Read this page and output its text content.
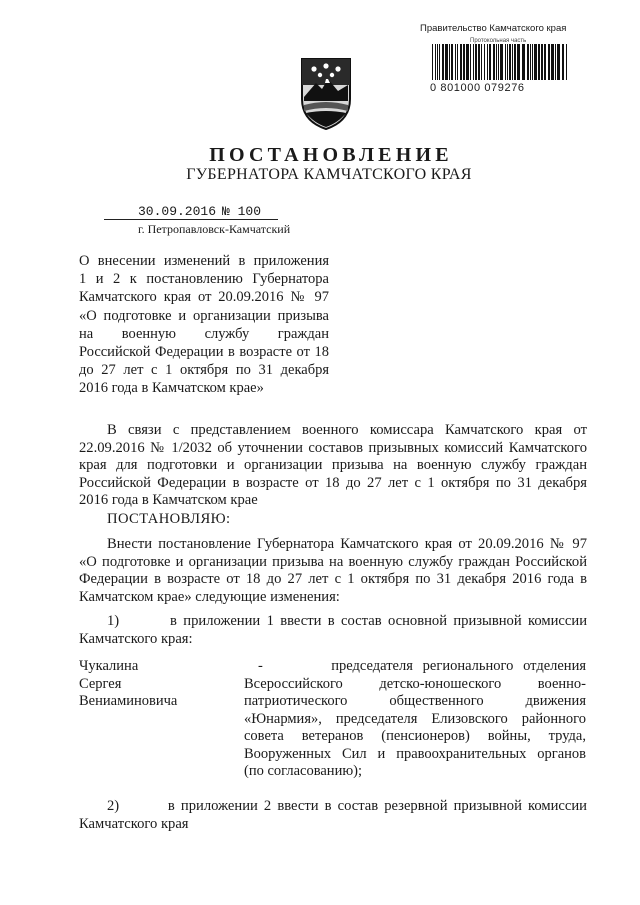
Правительство Камчатского края
Протокольная часть
0 801000 079276
ПОСТАНОВЛЕНИЕ
ГУБЕРНАТОРА КАМЧАТСКОГО КРАЯ
30.09.2016 № 100
г. Петропавловск-Камчатский
О внесении изменений в приложения
1 и 2 к постановлению Губернатора
Камчатского края от 20.09.2016 № 97
«О подготовке и организации призыва
на военную службу граждан
Российской Федерации в возрасте от 18
до 27 лет с 1 октября по 31 декабря
2016 года в Камчатском крае»
В связи с представлением военного комиссара Камчатского края от
22.09.2016 № 1/2032 об уточнении составов призывных комиссий Камчатского
края для подготовки и организации призыва на военную службу граждан
Российской Федерации в возрасте от 18 до 27 лет с 1 октября по 31 декабря
2016 года в Камчатском крае
ПОСТАНОВЛЯЮ:
Внести постановление Губернатора Камчатского края от 20.09.2016 № 97
«О подготовке и организации призыва на военную службу граждан Российской
Федерации в возрасте от 18 до 27 лет с 1 октября по 31 декабря 2016 года в
Камчатском крае» следующие изменения:
1)	в приложении 1 ввести в состав основной призывной комиссии
Камчатского края:
Чукалина
Сергея
Вениаминовича
-	председателя регионального отделения
Всероссийского детско-юношеского военно-
патриотического общественного движения
«Юнармия», председателя Елизовского районного
совета ветеранов (пенсионеров) войны, труда,
Вооруженных Сил и правоохранительных органов
(по согласованию);
2)	в приложении 2 ввести в состав резервной призывной комиссии
Камчатского края
